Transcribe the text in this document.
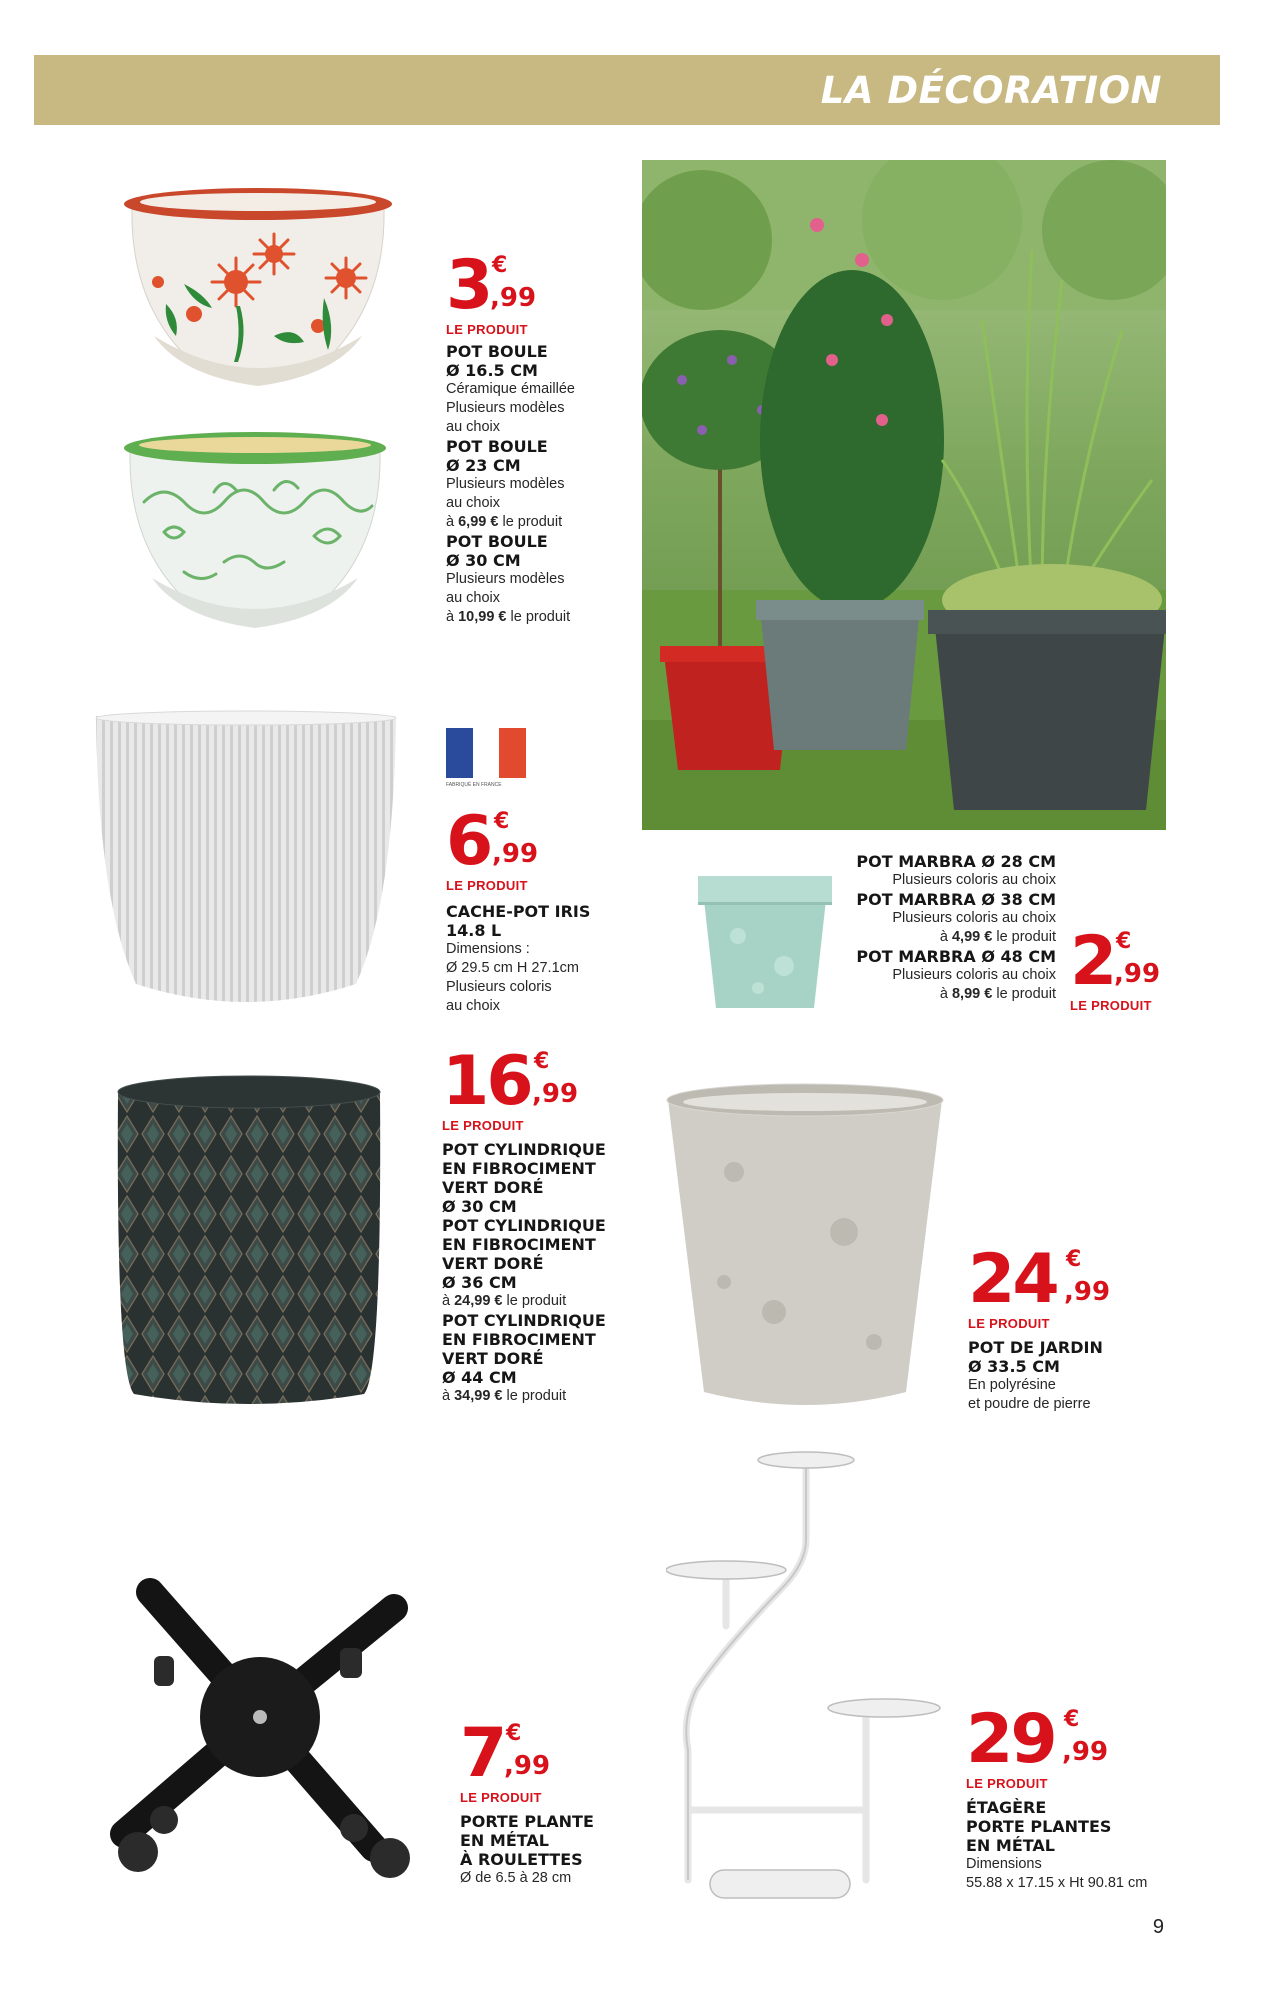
LA DÉCORATION
3 €
,99
LE PRODUIT
POT BOULE
Ø 16.5 CM
Céramique émaillée
Plusieurs modèles
au choix
POT BOULE
Ø 23 CM
Plusieurs modèles
au choix
à 6,99 € le produit
POT BOULE
Ø 30 CM
Plusieurs modèles
au choix
à 10,99 € le produit
FABRIQUÉ EN FRANCE
6 €
,99
LE PRODUIT
CACHE-POT IRIS
14.8 L
Dimensions :
Ø 29.5 cm H 27.1cm
Plusieurs coloris
au choix
POT MARBRA Ø 28 CM
Plusieurs coloris au choix
POT MARBRA Ø 38 CM
Plusieurs coloris au choix
à 4,99 € le produit
POT MARBRA Ø 48 CM
Plusieurs coloris au choix
à 8,99 € le produit 2 €
,99
LE PRODUIT
16 €
,99
LE PRODUIT
POT CYLINDRIQUE
EN FIBROCIMENT
VERT DORÉ
Ø 30 CM
POT CYLINDRIQUE
EN FIBROCIMENT
VERT DORÉ
Ø 36 CM
à 24,99 € le produit
POT CYLINDRIQUE
EN FIBROCIMENT
VERT DORÉ
Ø 44 CM
à 34,99 € le produit
24 €
,99
LE PRODUIT
POT DE JARDIN
Ø 33.5 CM
En polyrésine
et poudre de pierre
7 €
,99
LE PRODUIT
PORTE PLANTE
EN MÉTAL
À ROULETTES
Ø de 6.5 à 28 cm
29 €
,99
LE PRODUIT
ÉTAGÈRE
PORTE PLANTES
EN MÉTAL
Dimensions
55.88 x 17.15 x Ht 90.81 cm
9
